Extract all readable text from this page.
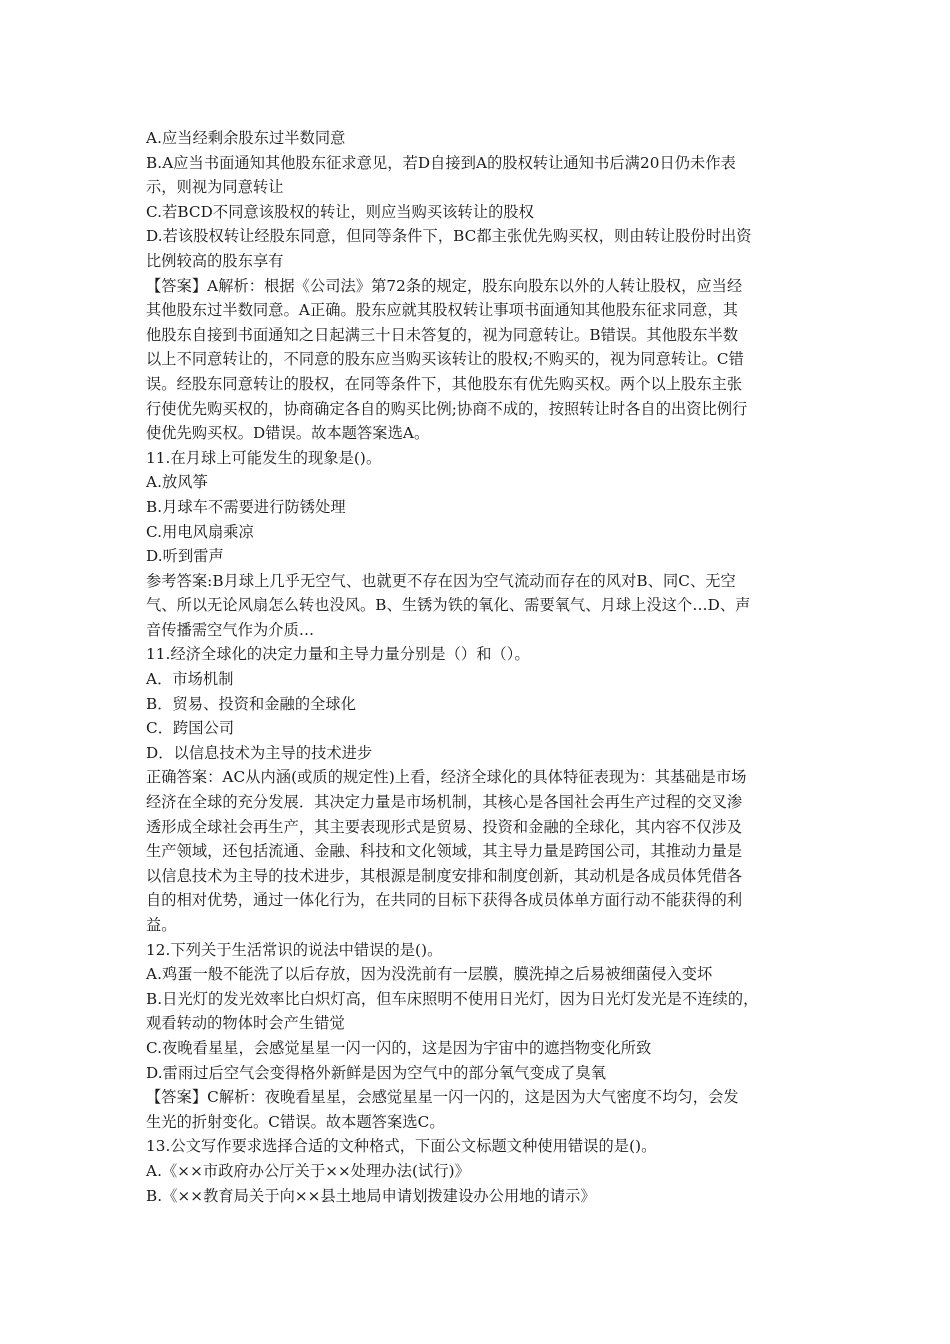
A.应当经剩余股东过半数同意
B.A应当书面通知其他股东征求意见，若D自接到A的股权转让通知书后满20日仍未作表
示，则视为同意转让
C.若BCD不同意该股权的转让，则应当购买该转让的股权
D.若该股权转让经股东同意，但同等条件下，BC都主张优先购买权，则由转让股份时出资
比例较高的股东享有
【答案】A解析：根据《公司法》第72条的规定，股东向股东以外的人转让股权，应当经
其他股东过半数同意。A正确。股东应就其股权转让事项书面通知其他股东征求同意，其
他股东自接到书面通知之日起满三十日未答复的，视为同意转让。B错误。其他股东半数
以上不同意转让的，不同意的股东应当购买该转让的股权;不购买的，视为同意转让。C错
误。经股东同意转让的股权，在同等条件下，其他股东有优先购买权。两个以上股东主张
行使优先购买权的，协商确定各自的购买比例;协商不成的，按照转让时各自的出资比例行
使优先购买权。D错误。故本题答案选A。
11.在月球上可能发生的现象是()。
A.放风筝
B.月球车不需要进行防锈处理
C.用电风扇乘凉
D.听到雷声
参考答案:B月球上几乎无空气、也就更不存在因为空气流动而存在的风对B、同C、无空
气、所以无论风扇怎么转也没风。B、生锈为铁的氧化、需要氧气、月球上没这个…D、声
音传播需空气作为介质…
11.经济全球化的决定力量和主导力量分别是（）和（）。
A．市场机制
B．贸易、投资和金融的全球化
C．跨国公司
D．以信息技术为主导的技术进步
正确答案：AC从内涵(或质的规定性)上看，经济全球化的具体特征表现为：其基础是市场
经济在全球的充分发展．其决定力量是市场机制，其核心是各国社会再生产过程的交叉渗
透形成全球社会再生产，其主要表现形式是贸易、投资和金融的全球化，其内容不仅涉及
生产领域，还包括流通、金融、科技和文化领域，其主导力量是跨国公司，其推动力量是
以信息技术为主导的技术进步，其根源是制度安排和制度创新，其动机是各成员体凭借各
自的相对优势，通过一体化行为，在共同的目标下获得各成员体单方面行动不能获得的利
益。
12.下列关于生活常识的说法中错误的是()。
A.鸡蛋一般不能洗了以后存放，因为没洗前有一层膜，膜洗掉之后易被细菌侵入变坏
B.日光灯的发光效率比白炽灯高，但车床照明不使用日光灯，因为日光灯发光是不连续的，
观看转动的物体时会产生错觉
C.夜晚看星星，会感觉星星一闪一闪的，这是因为宇宙中的遮挡物变化所致
D.雷雨过后空气会变得格外新鲜是因为空气中的部分氧气变成了臭氧
【答案】C解析：夜晚看星星，会感觉星星一闪一闪的，这是因为大气密度不均匀，会发
生光的折射变化。C错误。故本题答案选C。
13.公文写作要求选择合适的文种格式，下面公文标题文种使用错误的是()。
A.《××市政府办公厅关于××处理办法(试行)》
B.《××教育局关于向××县土地局申请划拨建设办公用地的请示》
